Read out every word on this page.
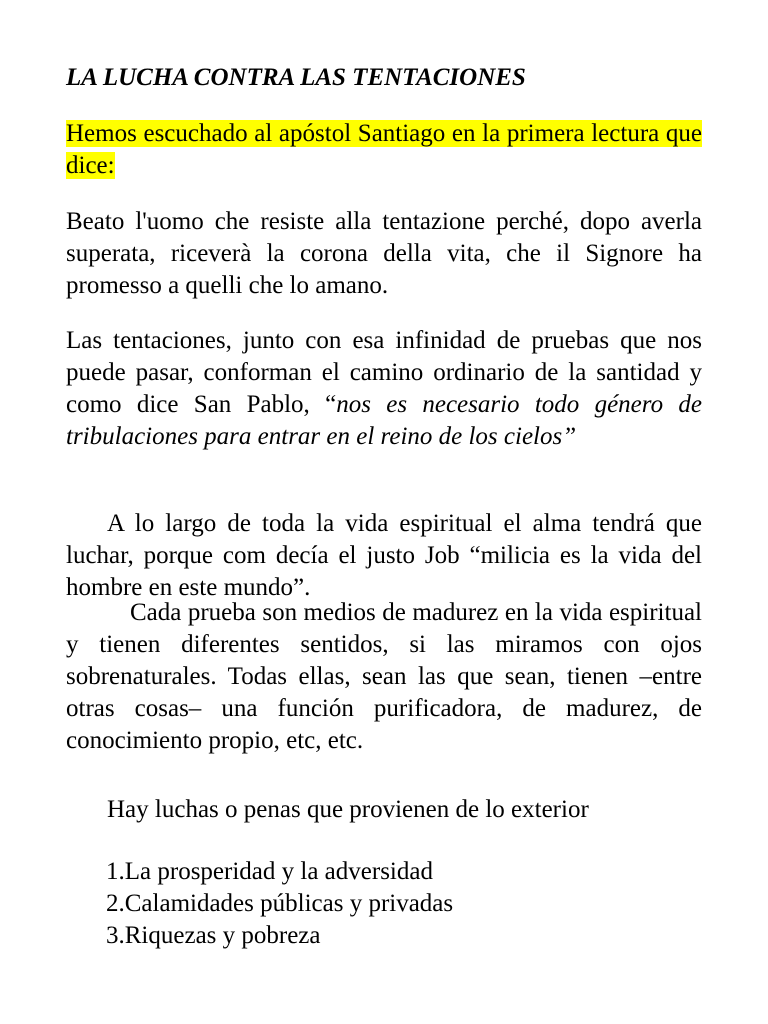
LA LUCHA CONTRA LAS TENTACIONES

Hemos escuchado al apóstol Santiago en la primera lectura que dice:

Beato l'uomo che resiste alla tentazione perché, dopo averla superata, riceverà la corona della vita, che il Signore ha promesso a quelli che lo amano.

Las tentaciones, junto con esa infinidad de pruebas que nos puede pasar, conforman el camino ordinario de la santidad y como dice San Pablo, “nos es necesario todo género de tribulaciones para entrar en el reino de los cielos”

A lo largo de toda la vida espiritual el alma tendrá que luchar, porque com decía el justo Job “milicia es la vida del hombre en este mundo”.

Cada prueba son medios de madurez en la vida espiritual y tienen diferentes sentidos, si las miramos con ojos sobrenaturales. Todas ellas, sean las que sean, tienen –entre otras cosas– una función purificadora, de madurez, de conocimiento propio, etc, etc.

Hay luchas o penas que provienen de lo exterior

1.La prosperidad y la adversidad
2.Calamidades públicas y privadas
3.Riquezas y pobreza
